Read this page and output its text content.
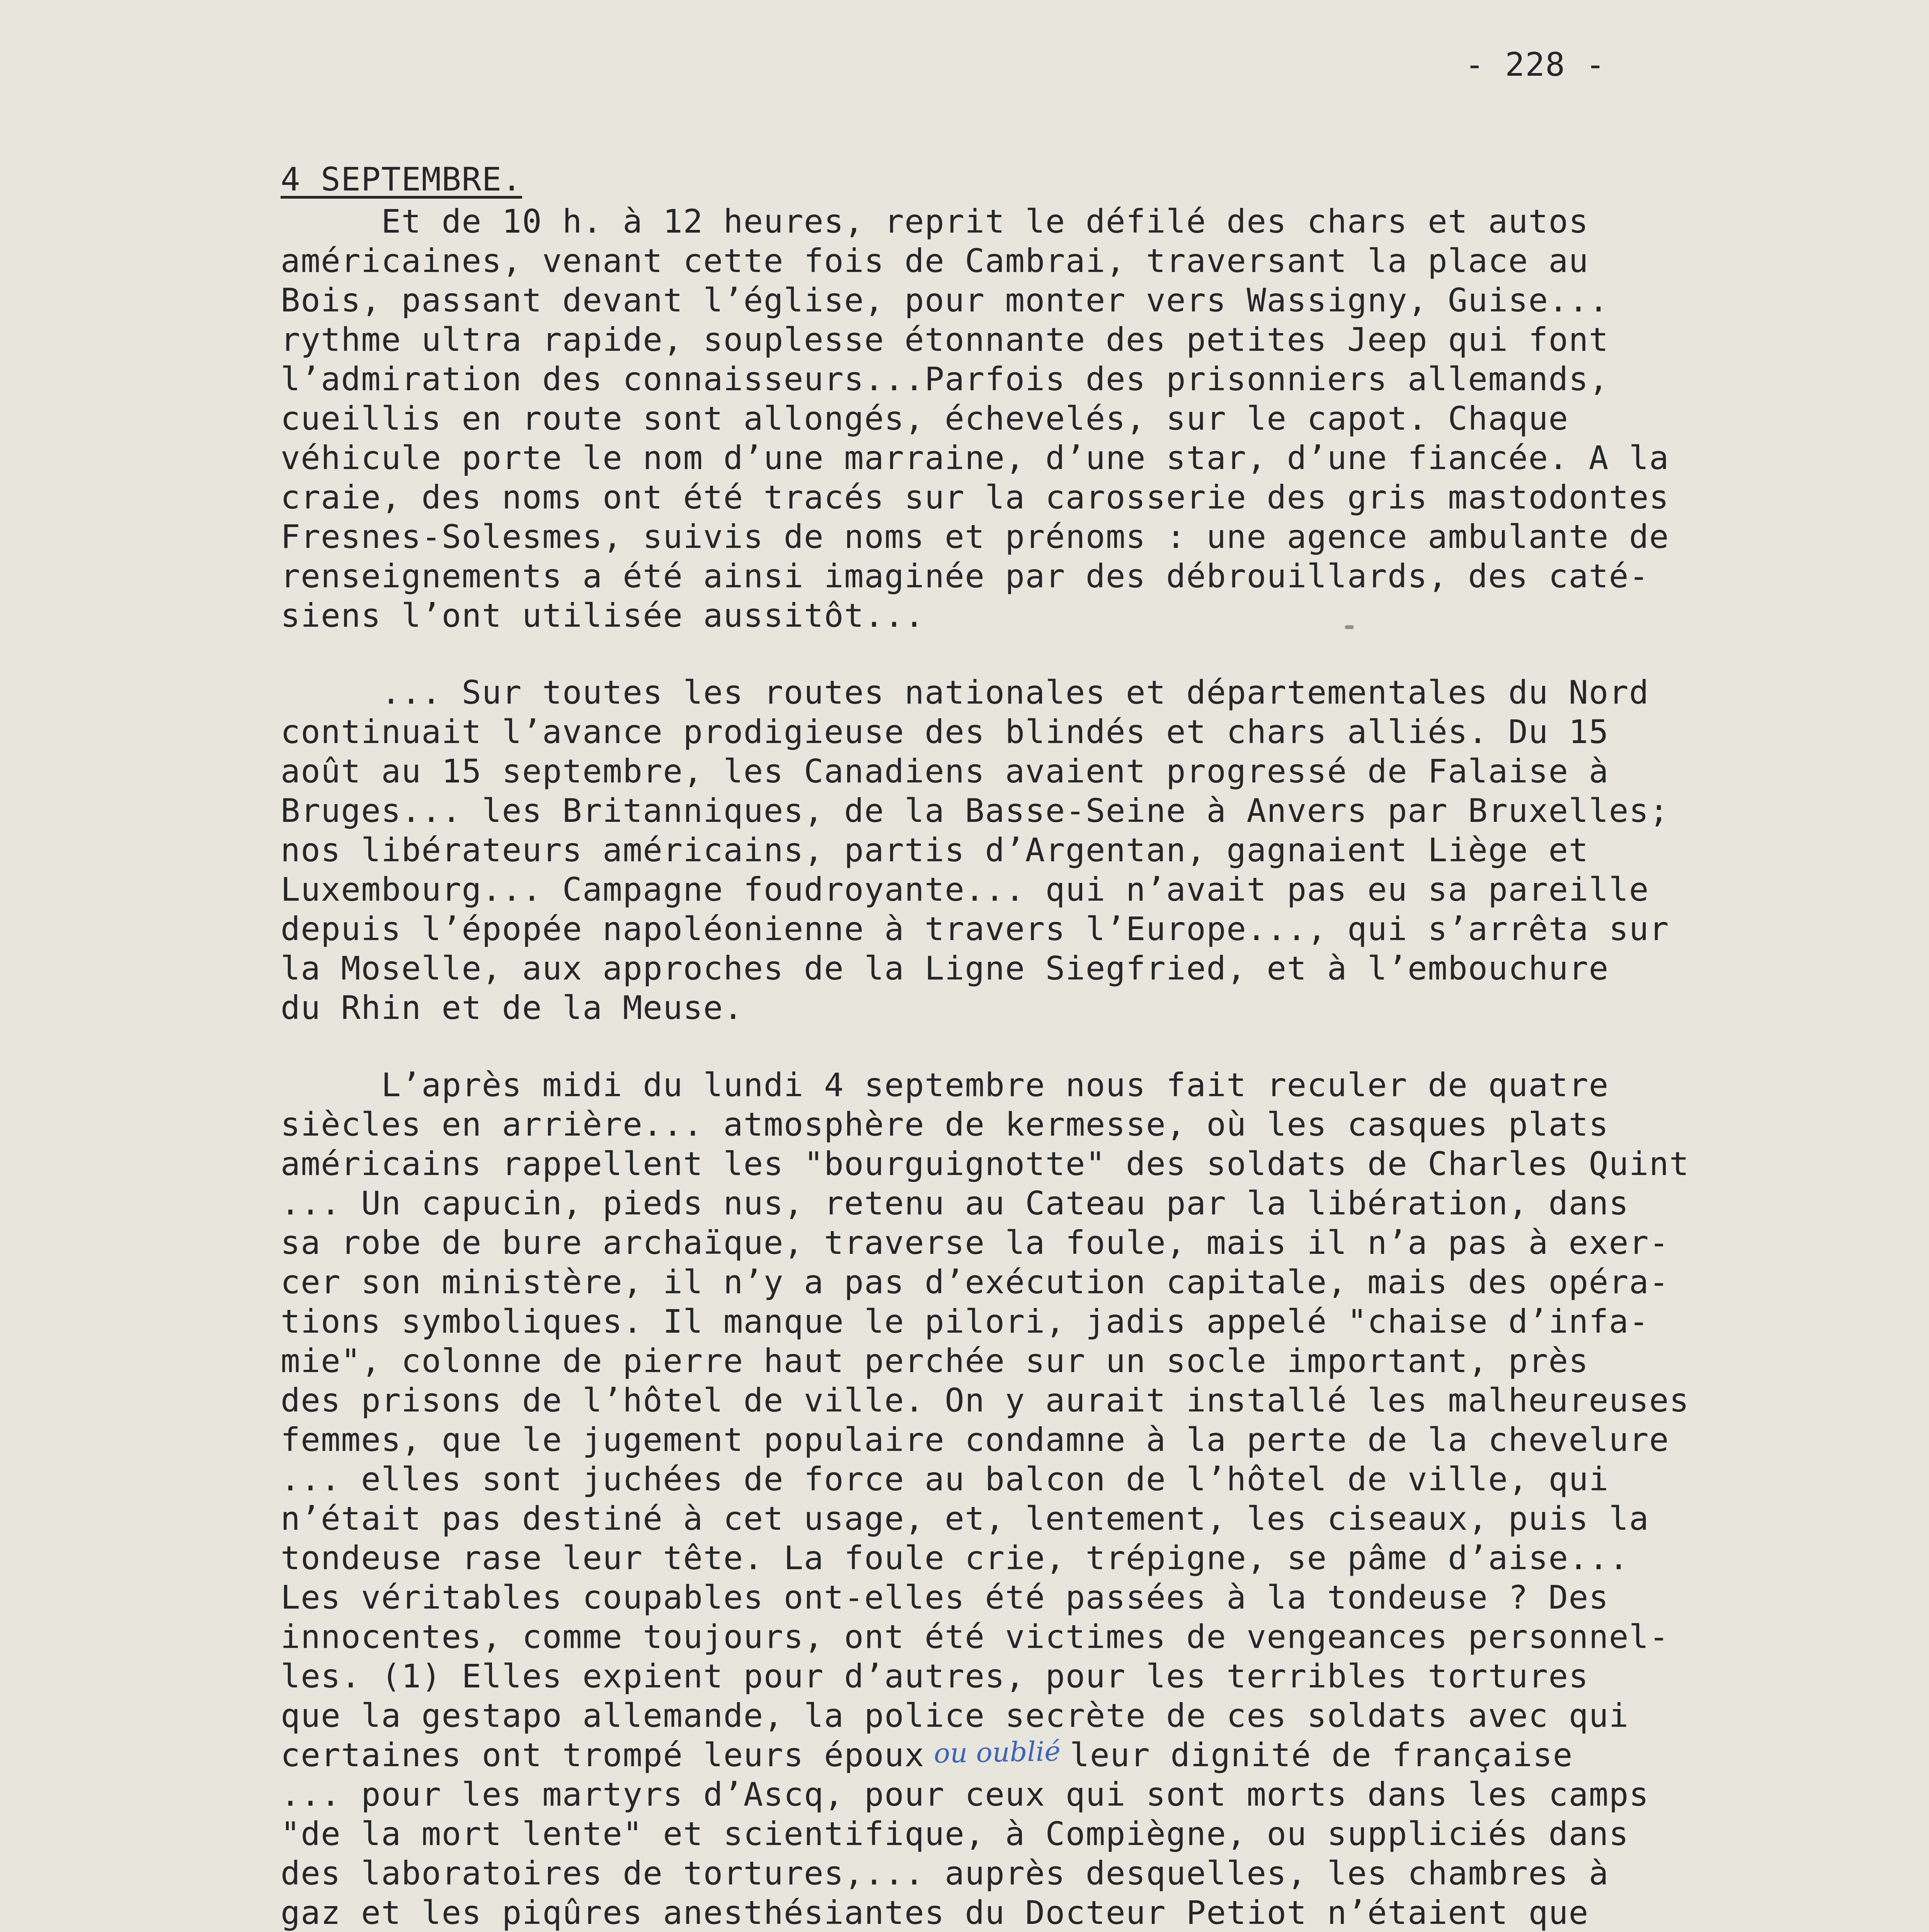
- 228 -
4 SEPTEMBRE.
Et de 10 h. à 12 heures, reprit le défilé des chars et autos
américaines, venant cette fois de Cambrai, traversant la place au
Bois, passant devant l’église, pour monter vers Wassigny, Guise...
rythme ultra rapide, souplesse étonnante des petites Jeep qui font
l’admiration des connaisseurs...Parfois des prisonniers allemands,
cueillis en route sont allongés, échevelés, sur le capot. Chaque
véhicule porte le nom d’une marraine, d’une star, d’une fiancée. A la
craie, des noms ont été tracés sur la carosserie des gris mastodontes
Fresnes-Solesmes, suivis de noms et prénoms : une agence ambulante de
renseignements a été ainsi imaginée par des débrouillards, des caté-
siens l’ont utilisée aussitôt...
... Sur toutes les routes nationales et départementales du Nord
continuait l’avance prodigieuse des blindés et chars alliés. Du 15
août au 15 septembre, les Canadiens avaient progressé de Falaise à
Bruges... les Britanniques, de la Basse-Seine à Anvers par Bruxelles;
nos libérateurs américains, partis d’Argentan, gagnaient Liège et
Luxembourg... Campagne foudroyante... qui n’avait pas eu sa pareille
depuis l’épopée napoléonienne à travers l’Europe..., qui s’arrêta sur
la Moselle, aux approches de la Ligne Siegfried, et à l’embouchure
du Rhin et de la Meuse.
L’après midi du lundi 4 septembre nous fait reculer de quatre
siècles en arrière... atmosphère de kermesse, où les casques plats
américains rappellent les "bourguignotte" des soldats de Charles Quint
... Un capucin, pieds nus, retenu au Cateau par la libération, dans
sa robe de bure archaïque, traverse la foule, mais il n’a pas à exer-
cer son ministère, il n’y a pas d’exécution capitale, mais des opéra-
tions symboliques. Il manque le pilori, jadis appelé "chaise d’infa-
mie", colonne de pierre haut perchée sur un socle important, près
des prisons de l’hôtel de ville. On y aurait installé les malheureuses
femmes, que le jugement populaire condamne à la perte de la chevelure
... elles sont juchées de force au balcon de l’hôtel de ville, qui
n’était pas destiné à cet usage, et, lentement, les ciseaux, puis la
tondeuse rase leur tête. La foule crie, trépigne, se pâme d’aise...
Les véritables coupables ont-elles été passées à la tondeuse ? Des
innocentes, comme toujours, ont été victimes de vengeances personnel-
les. (1) Elles expient pour d’autres, pour les terribles tortures
que la gestapo allemande, la police secrète de ces soldats avec qui
certaines ont trompé leurs époux ou oublié leur dignité de française
... pour les martyrs d’Ascq, pour ceux qui sont morts dans les camps
"de la mort lente" et scientifique, à Compiègne, ou suppliciés dans
des laboratoires de tortures,... auprès desquelles, les chambres à
gaz et les piqûres anesthésiantes du Docteur Petiot n’étaient que
